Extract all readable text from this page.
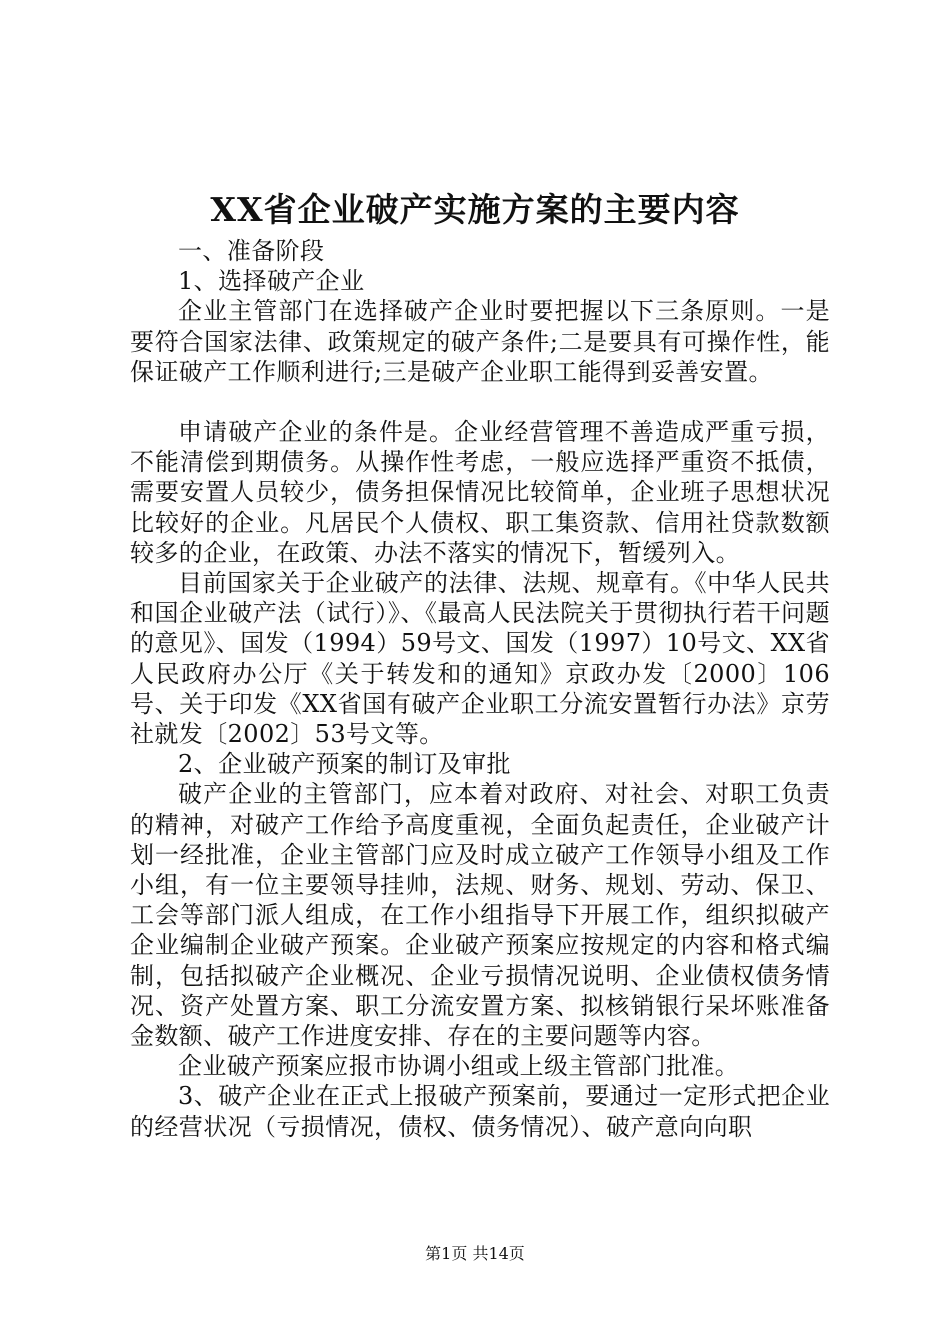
XX省企业破产实施方案的主要内容

一、准备阶段

1、选择破产企业

企业主管部门在选择破产企业时要把握以下三条原则。一是要符合国家法律、政策规定的破产条件;二是要具有可操作性，能保证破产工作顺利进行;三是破产企业职工能得到妥善安置。

申请破产企业的条件是。企业经营管理不善造成严重亏损，不能清偿到期债务。从操作性考虑，一般应选择严重资不抵债，需要安置人员较少，债务担保情况比较简单，企业班子思想状况比较好的企业。凡居民个人债权、职工集资款、信用社贷款数额较多的企业，在政策、办法不落实的情况下，暂缓列入。

目前国家关于企业破产的法律、法规、规章有。《中华人民共和国企业破产法（试行）》、《最高人民法院关于贯彻执行若干问题的意见》、国发（1994）59号文、国发（1997）10号文、XX省人民政府办公厅《关于转发和的通知》京政办发〔2000〕106号、关于印发《XX省国有破产企业职工分流安置暂行办法》京劳社就发〔2002〕53号文等。

2、企业破产预案的制订及审批

破产企业的主管部门，应本着对政府、对社会、对职工负责的精神，对破产工作给予高度重视，全面负起责任，企业破产计划一经批准，企业主管部门应及时成立破产工作领导小组及工作小组，有一位主要领导挂帅，法规、财务、规划、劳动、保卫、工会等部门派人组成，在工作小组指导下开展工作，组织拟破产企业编制企业破产预案。企业破产预案应按规定的内容和格式编制，包括拟破产企业概况、企业亏损情况说明、企业债权债务情况、资产处置方案、职工分流安置方案、拟核销银行呆坏账准备金数额、破产工作进度安排、存在的主要问题等内容。

企业破产预案应报市协调小组或上级主管部门批准。

3、破产企业在正式上报破产预案前，要通过一定形式把企业的经营状况（亏损情况，债权、债务情况）、破产意向向职

第1页 共14页
